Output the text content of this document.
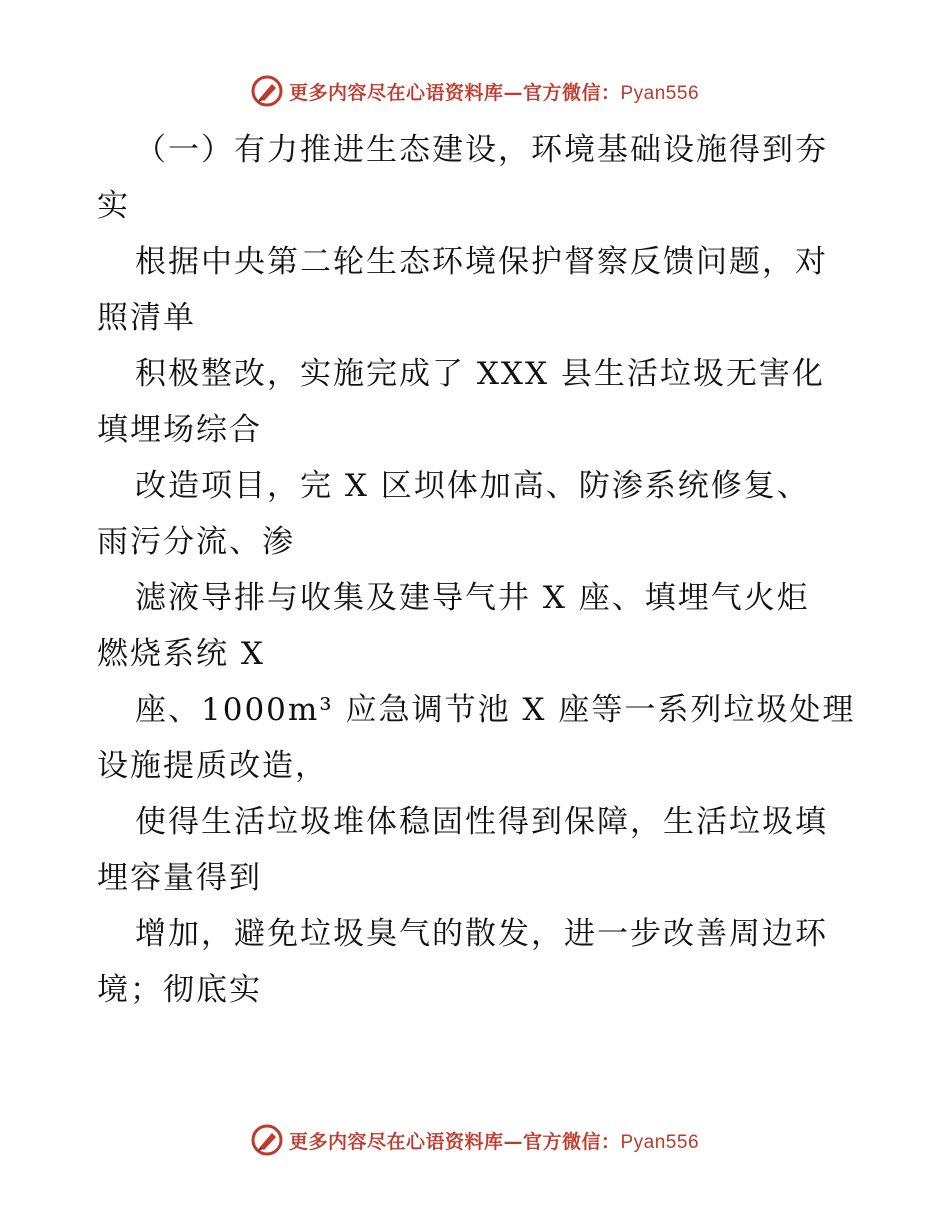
更多内容尽在心语资料库—官方微信：Pyan556

（一）有力推进生态建设，环境基础设施得到夯
实

根据中央第二轮生态环境保护督察反馈问题，对
照清单

积极整改，实施完成了 XXX 县生活垃圾无害化
填埋场综合

改造项目，完 X 区坝体加高、防渗系统修复、
雨污分流、渗

滤液导排与收集及建导气井 X 座、填埋气火炬
燃烧系统 X

座、1000m³ 应急调节池 X 座等一系列垃圾处理
设施提质改造，

使得生活垃圾堆体稳固性得到保障，生活垃圾填
埋容量得到

增加，避免垃圾臭气的散发，进一步改善周边环
境；彻底实

更多内容尽在心语资料库—官方微信：Pyan556
